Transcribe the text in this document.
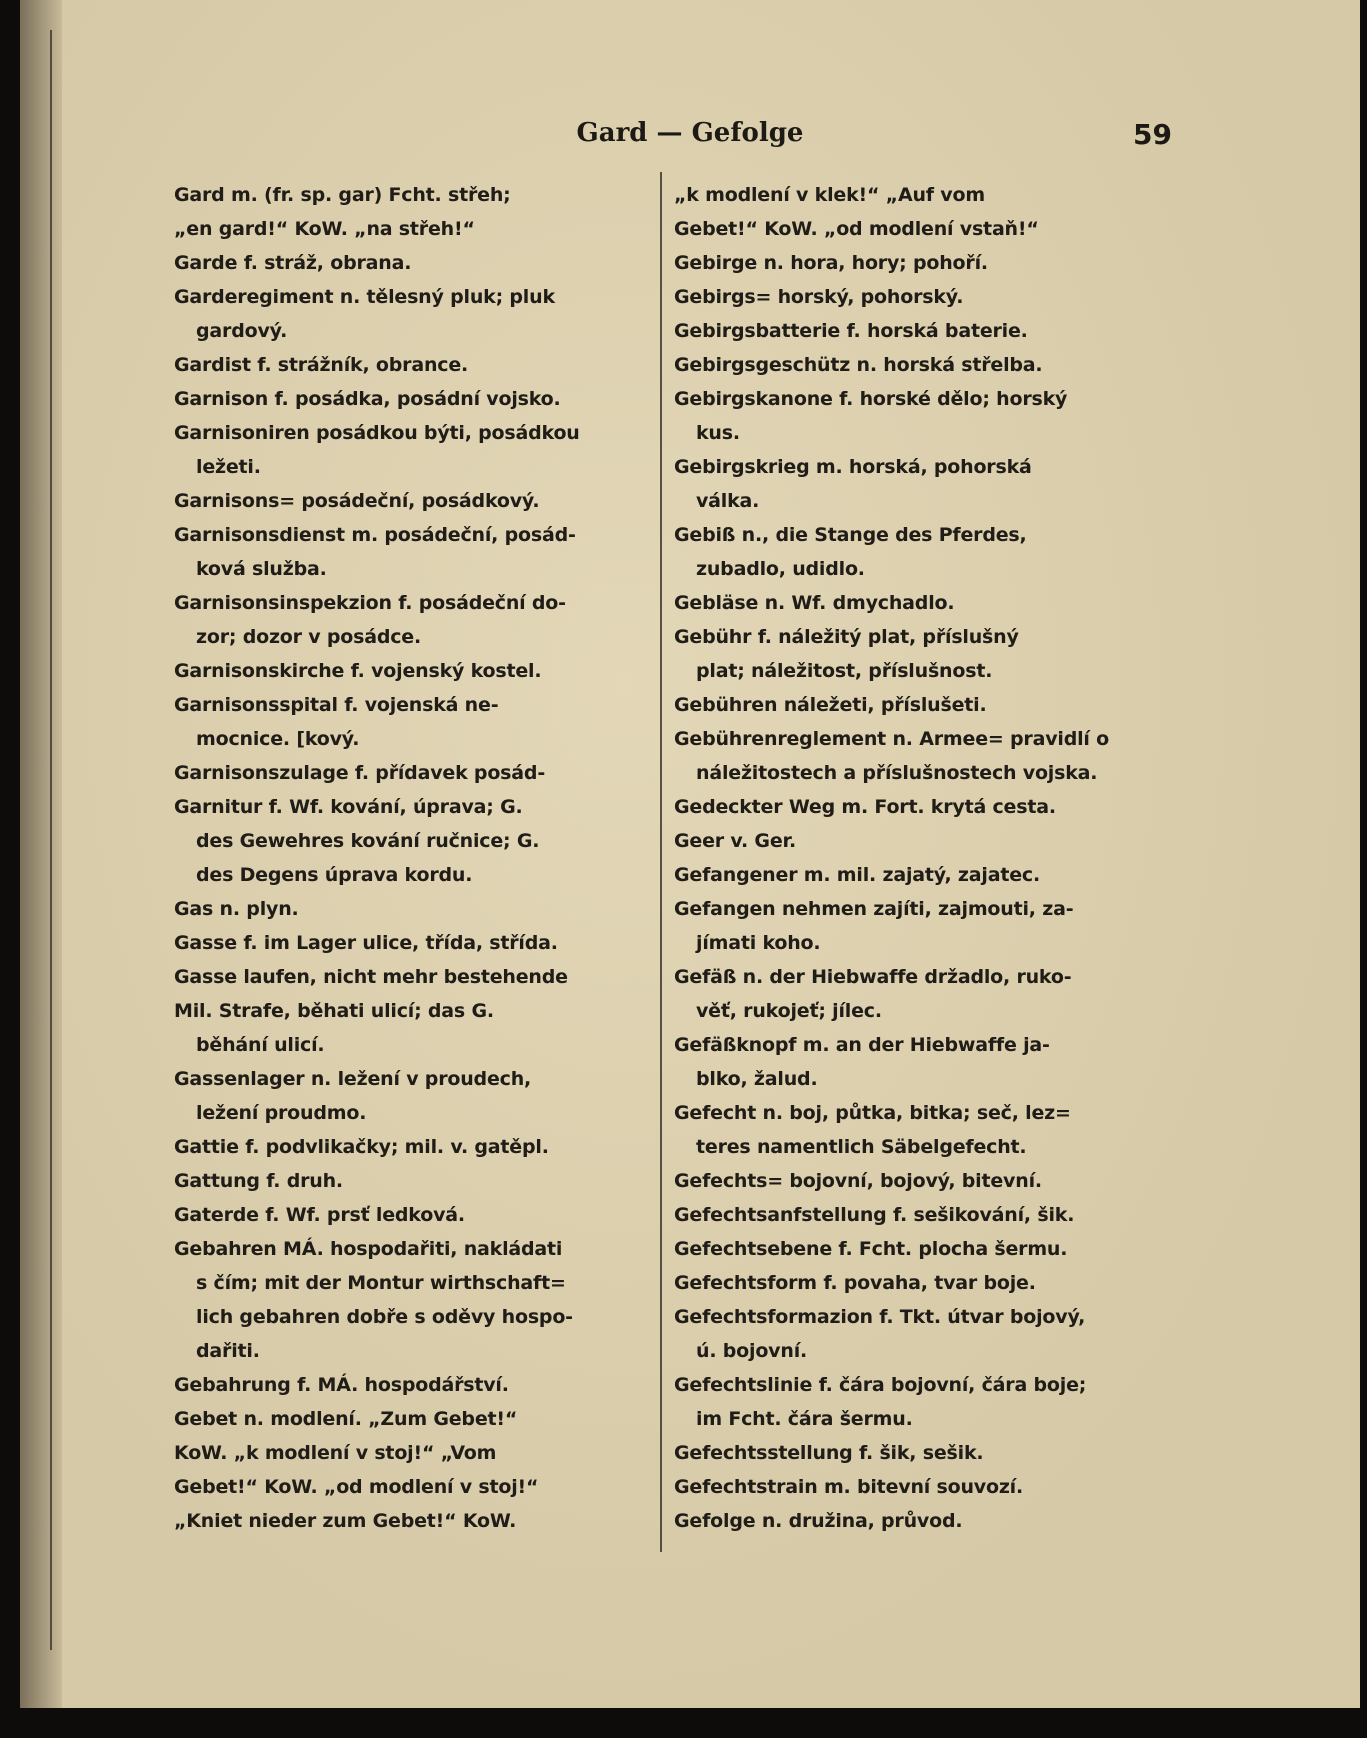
Gard — Gefolge	59
Gard m. (fr. sp. gar) Fcht. střeh;
„en gard!“ KoW. „na střeh!“
Garde f. stráž, obrana.
Garderegiment n. tělesný pluk; pluk
gardový.
Gardist f. strážník, obrance.
Garnison f. posádka, posádní vojsko.
Garnisoniren posádkou býti, posádkou
ležeti.
Garnisons= posádeční, posádkový.
Garnisonsdienst m. posádeční, posád-
ková služba.
Garnisonsinspekzion f. posádeční do-
zor; dozor v posádce.
Garnisonskirche f. vojenský kostel.
Garnisonsspital f. vojenská ne-
mocnice. [kový.
Garnisonszulage f. přídavek posád-
Garnitur f. Wf. kování, úprava; G.
des Gewehres kování ručnice; G.
des Degens úprava kordu.
Gas n. plyn.
Gasse f. im Lager ulice, třída, střída.
Gasse laufen, nicht mehr bestehende
Mil. Strafe, běhati ulicí; das G.
běhání ulicí.
Gassenlager n. ležení v proudech,
ležení proudmo.
Gattie f. podvlikačky; mil. v. gatěpl.
Gattung f. druh.
Gaterde f. Wf. prsť ledková.
Gebahren MÁ. hospodařiti, nakládati
s čím; mit der Montur wirthschaft=
lich gebahren dobře s oděvy hospo-
dařiti.
Gebahrung f. MÁ. hospodářství.
Gebet n. modlení. „Zum Gebet!“
KoW. „k modlení v stoj!“ „Vom
Gebet!“ KoW. „od modlení v stoj!“
„Kniet nieder zum Gebet!“ KoW.
„k modlení v klek!“ „Auf vom
Gebet!“ KoW. „od modlení vstaň!“
Gebirge n. hora, hory; pohoří.
Gebirgs= horský, pohorský.
Gebirgsbatterie f. horská baterie.
Gebirgsgeschütz n. horská střelba.
Gebirgskanone f. horské dělo; horský
kus.
Gebirgskrieg m. horská, pohorská
válka.
Gebiß n., die Stange des Pferdes,
zubadlo, udidlo.
Gebläse n. Wf. dmychadlo.
Gebühr f. náležitý plat, příslušný
plat; náležitost, příslušnost.
Gebühren náležeti, příslušeti.
Gebührenreglement n. Armee= pravidlí o
náležitostech a příslušnostech vojska.
Gedeckter Weg m. Fort. krytá cesta.
Geer v. Ger.
Gefangener m. mil. zajatý, zajatec.
Gefangen nehmen zajíti, zajmouti, za-
jímati koho.
Gefäß n. der Hiebwaffe držadlo, ruko-
věť, rukojeť; jílec.
Gefäßknopf m. an der Hiebwaffe ja-
blko, žalud.
Gefecht n. boj, půtka, bitka; seč, lez=
teres namentlich Säbelgefecht.
Gefechts= bojovní, bojový, bitevní.
Gefechtsanfstellung f. sešikování, šik.
Gefechtsebene f. Fcht. plocha šermu.
Gefechtsform f. povaha, tvar boje.
Gefechtsformazion f. Tkt. útvar bojový,
ú. bojovní.
Gefechtslinie f. čára bojovní, čára boje;
im Fcht. čára šermu.
Gefechtsstellung f. šik, sešik.
Gefechtstrain m. bitevní souvozí.
Gefolge n. družina, průvod.
